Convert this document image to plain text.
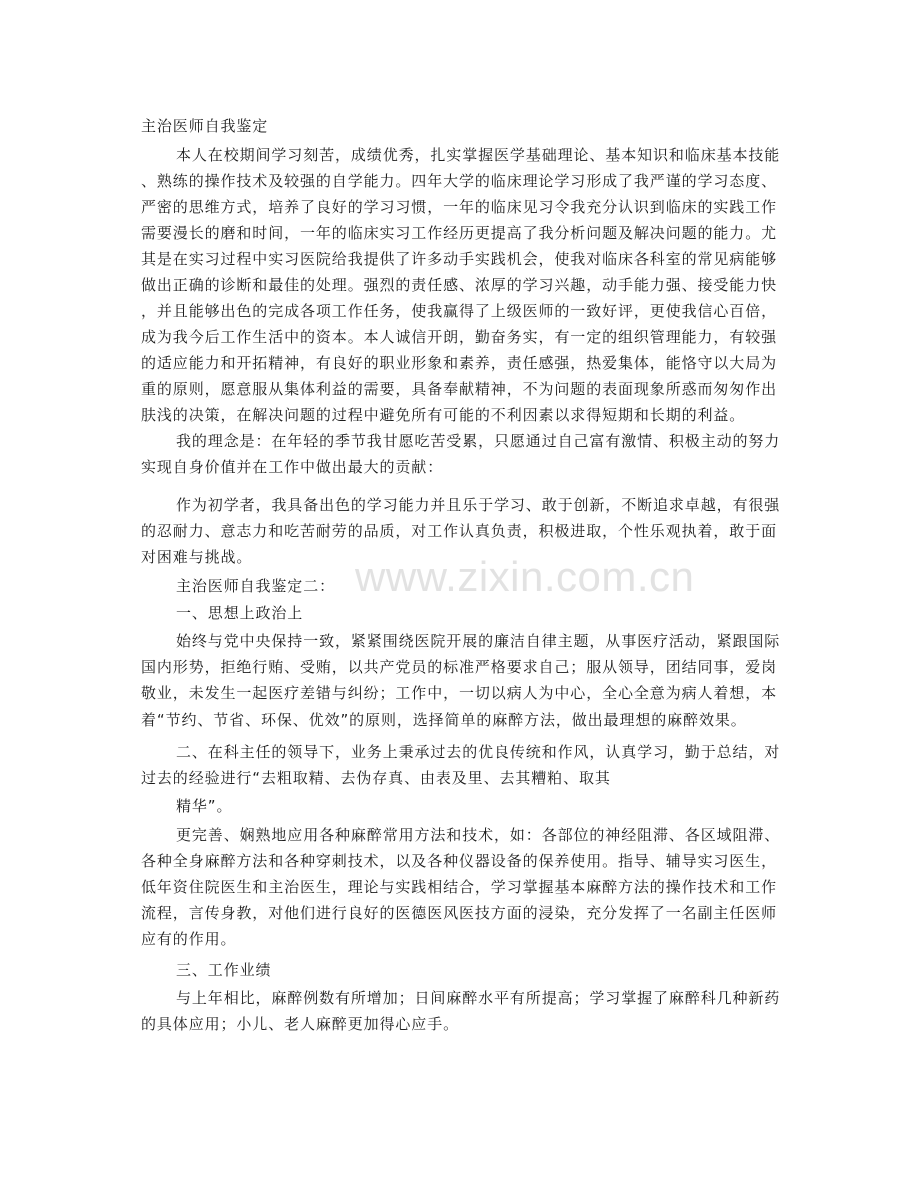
www.zixin.com.cn
主治医师自我鉴定
本人在校期间学习刻苦，成绩优秀，扎实掌握医学基础理论、基本知识和临床基本技能
、熟练的操作技术及较强的自学能力。四年大学的临床理论学习形成了我严谨的学习态度、
严密的思维方式，培养了良好的学习习惯，一年的临床见习令我充分认识到临床的实践工作
需要漫长的磨和时间，一年的临床实习工作经历更提高了我分析问题及解决问题的能力。尤
其是在实习过程中实习医院给我提供了许多动手实践机会，使我对临床各科室的常见病能够
做出正确的诊断和最佳的处理。强烈的责任感、浓厚的学习兴趣，动手能力强、接受能力快
，并且能够出色的完成各项工作任务，使我赢得了上级医师的一致好评，更使我信心百倍，
成为我今后工作生活中的资本。本人诚信开朗，勤奋务实，有一定的组织管理能力，有较强
的适应能力和开拓精神，有良好的职业形象和素养，责任感强，热爱集体，能恪守以大局为
重的原则，愿意服从集体利益的需要，具备奉献精神，不为问题的表面现象所惑而匆匆作出
肤浅的决策，在解决问题的过程中避免所有可能的不利因素以求得短期和长期的利益。
我的理念是：在年轻的季节我甘愿吃苦受累，只愿通过自己富有激情、积极主动的努力
实现自身价值并在工作中做出最大的贡献：
作为初学者，我具备出色的学习能力并且乐于学习、敢于创新，不断追求卓越，有很强
的忍耐力、意志力和吃苦耐劳的品质，对工作认真负责，积极进取，个性乐观执着，敢于面
对困难与挑战。
主治医师自我鉴定二：
一、思想上政治上
始终与党中央保持一致，紧紧围绕医院开展的廉洁自律主题，从事医疗活动，紧跟国际
国内形势，拒绝行贿、受贿，以共产党员的标准严格要求自己；服从领导，团结同事，爱岗
敬业，未发生一起医疗差错与纠纷；工作中，一切以病人为中心，全心全意为病人着想，本
着“节约、节省、环保、优效”的原则，选择简单的麻醉方法，做出最理想的麻醉效果。
二、在科主任的领导下，业务上秉承过去的优良传统和作风，认真学习，勤于总结，对
过去的经验进行“去粗取精、去伪存真、由表及里、去其糟粕、取其
精华”。
更完善、娴熟地应用各种麻醉常用方法和技术，如：各部位的神经阻滞、各区域阻滞、
各种全身麻醉方法和各种穿刺技术，以及各种仪器设备的保养使用。指导、辅导实习医生，
低年资住院医生和主治医生，理论与实践相结合，学习掌握基本麻醉方法的操作技术和工作
流程，言传身教，对他们进行良好的医德医风医技方面的浸染，充分发挥了一名副主任医师
应有的作用。
三、工作业绩
与上年相比，麻醉例数有所增加；日间麻醉水平有所提高；学习掌握了麻醉科几种新药
的具体应用；小儿、老人麻醉更加得心应手。
